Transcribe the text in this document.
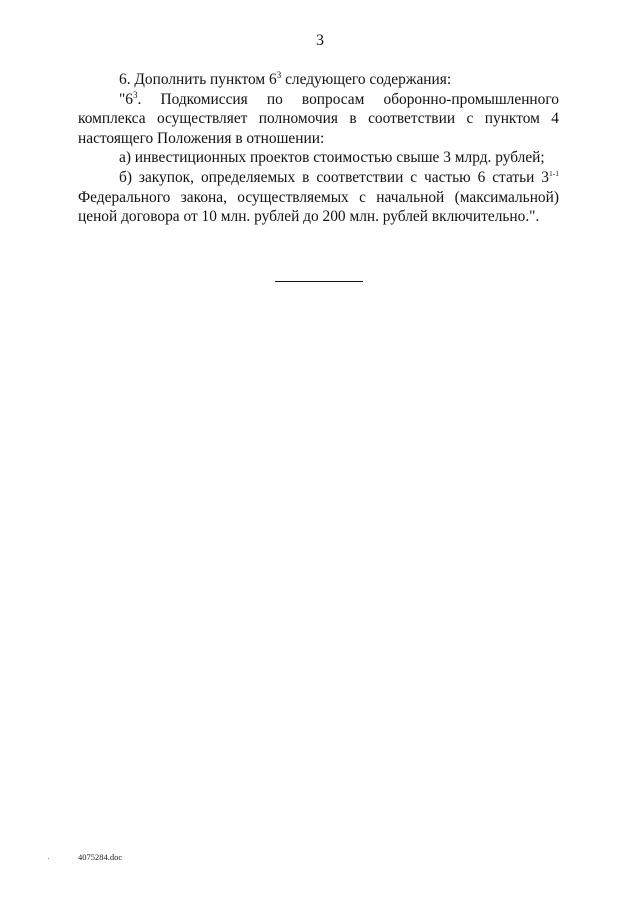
3

6. Дополнить пунктом $6^3$ следующего содержания:

"$6^3$. Подкомиссия по вопросам оборонно-промышленного комплекса осуществляет полномочия в соответствии с пунктом 4 настоящего Положения в отношении:

а) инвестиционных проектов стоимостью свыше 3 млрд. рублей;

б) закупок, определяемых в соответствии с частью 6 статьи 3$^{1-1}$ Федерального закона, осуществляемых с начальной (максимальной) ценой договора от 10 млн. рублей до 200 млн. рублей включительно.".

4075284.doc
